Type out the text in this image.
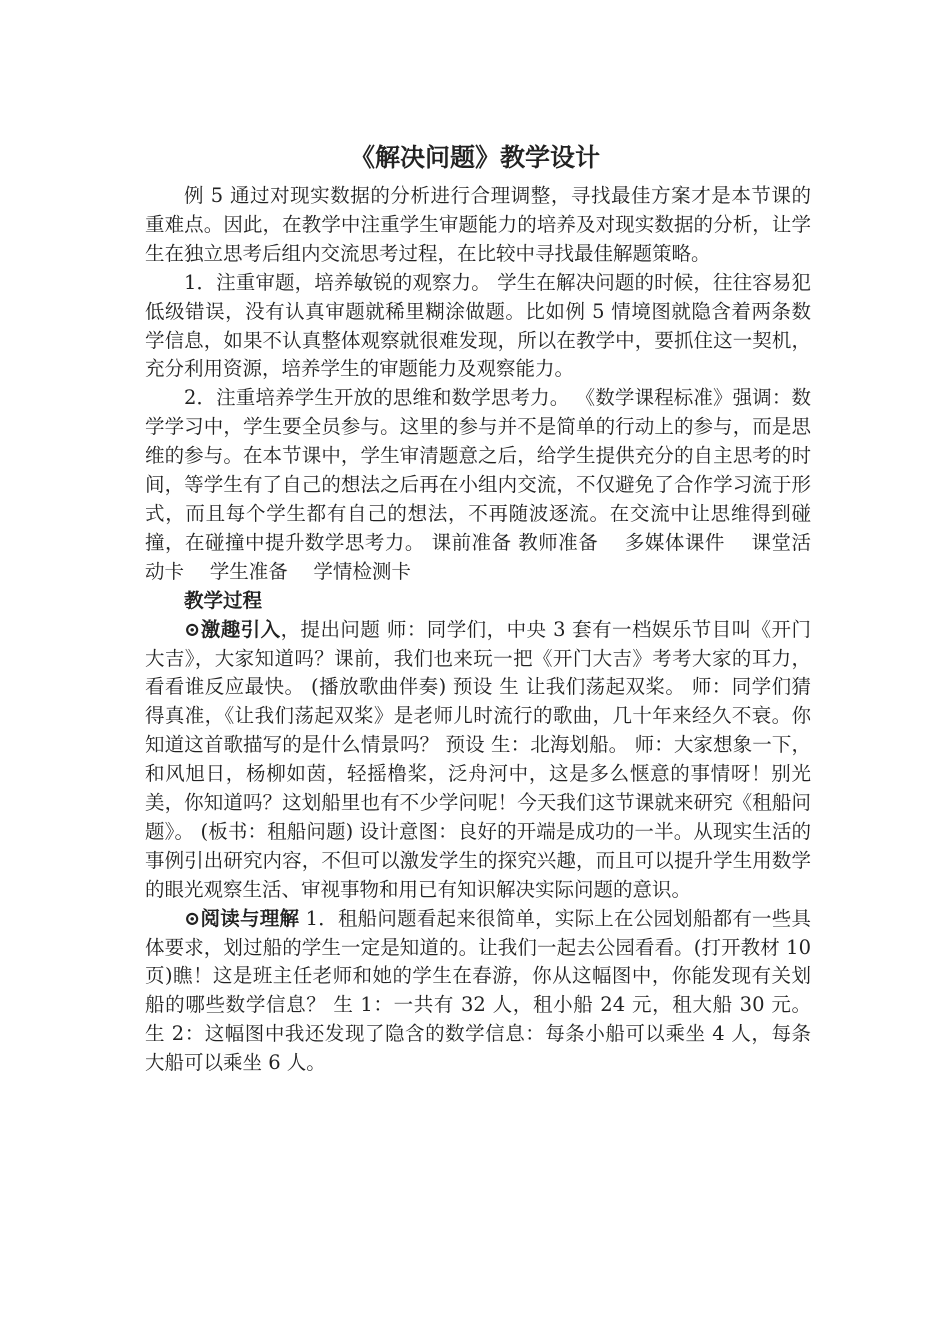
《解决问题》教学设计

例 5 通过对现实数据的分析进行合理调整，寻找最佳方案才是本节课的重难点。因此，在教学中注重学生审题能力的培养及对现实数据的分析，让学生在独立思考后组内交流思考过程，在比较中寻找最佳解题策略。

1．注重审题，培养敏锐的观察力。 学生在解决问题的时候，往往容易犯低级错误，没有认真审题就稀里糊涂做题。比如例 5 情境图就隐含着两条数学信息，如果不认真整体观察就很难发现，所以在教学中，要抓住这一契机，充分利用资源，培养学生的审题能力及观察能力。

2．注重培养学生开放的思维和数学思考力。 《数学课程标准》强调：数学学习中，学生要全员参与。这里的参与并不是简单的行动上的参与，而是思维的参与。在本节课中，学生审清题意之后，给学生提供充分的自主思考的时间，等学生有了自己的想法之后再在小组内交流，不仅避免了合作学习流于形式，而且每个学生都有自己的想法，不再随波逐流。在交流中让思维得到碰撞，在碰撞中提升数学思考力。 课前准备 教师准备 　多媒体课件 　课堂活动卡 　学生准备 　学情检测卡

教学过程

⊙激趣引入，提出问题 师：同学们，中央 3 套有一档娱乐节目叫《开门大吉》，大家知道吗？课前，我们也来玩一把《开门大吉》考考大家的耳力，看看谁反应最快。 (播放歌曲伴奏) 预设 生 让我们荡起双桨。 师：同学们猜得真准，《让我们荡起双桨》是老师儿时流行的歌曲，几十年来经久不衰。你知道这首歌描写的是什么情景吗？ 预设 生：北海划船。 师：大家想象一下，和风旭日，杨柳如茵，轻摇橹桨，泛舟河中，这是多么惬意的事情呀！别光美，你知道吗？这划船里也有不少学问呢！今天我们这节课就来研究《租船问题》。 (板书：租船问题) 设计意图：良好的开端是成功的一半。从现实生活的事例引出研究内容，不但可以激发学生的探究兴趣，而且可以提升学生用数学的眼光观察生活、审视事物和用已有知识解决实际问题的意识。

⊙阅读与理解 1．租船问题看起来很简单，实际上在公园划船都有一些具体要求，划过船的学生一定是知道的。让我们一起去公园看看。(打开教材 10 页)瞧！这是班主任老师和她的学生在春游，你从这幅图中，你能发现有关划船的哪些数学信息？ 生 1：一共有 32 人，租小船 24 元，租大船 30 元。 生 2：这幅图中我还发现了隐含的数学信息：每条小船可以乘坐 4 人，每条大船可以乘坐 6 人。
